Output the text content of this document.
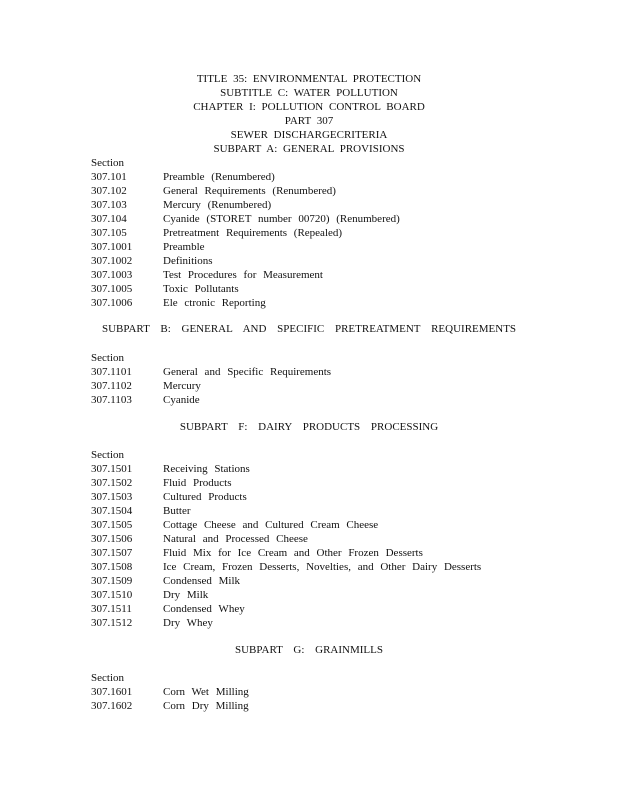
TITLE 35: ENVIRONMENTAL PROTECTION
SUBTITLE C: WATER POLLUTION
CHAPTER I: POLLUTION CONTROL BOARD
PART 307
SEWER DISCHARGECRITERIA
SUBPART A: GENERAL PROVISIONS
Section
307.101	Preamble (Renumbered)
307.102	General Requirements (Renumbered)
307.103	Mercury (Renumbered)
307.104	Cyanide (STORET number 00720) (Renumbered)
307.105	Pretreatment Requirements (Repealed)
307.1001	Preamble
307.1002	Definitions
307.1003	Test Procedures for Measurement
307.1005	Toxic Pollutants
307.1006	Ele ctronic Reporting
SUBPART B: GENERAL AND SPECIFIC PRETREATMENT REQUIREMENTS
Section
307.1101	General and Specific Requirements
307.1102	Mercury
307.1103	Cyanide
SUBPART F: DAIRY PRODUCTS PROCESSING
Section
307.1501	Receiving Stations
307.1502	Fluid Products
307.1503	Cultured Products
307.1504	Butter
307.1505	Cottage Cheese and Cultured Cream Cheese
307.1506	Natural and Processed Cheese
307.1507	Fluid Mix for Ice Cream and Other Frozen Desserts
307.1508	Ice Cream, Frozen Desserts, Novelties, and Other Dairy Desserts
307.1509	Condensed Milk
307.1510	Dry Milk
307.1511	Condensed Whey
307.1512	Dry Whey
SUBPART G: GRAINMILLS
Section
307.1601	Corn Wet Milling
307.1602	Corn Dry Milling
